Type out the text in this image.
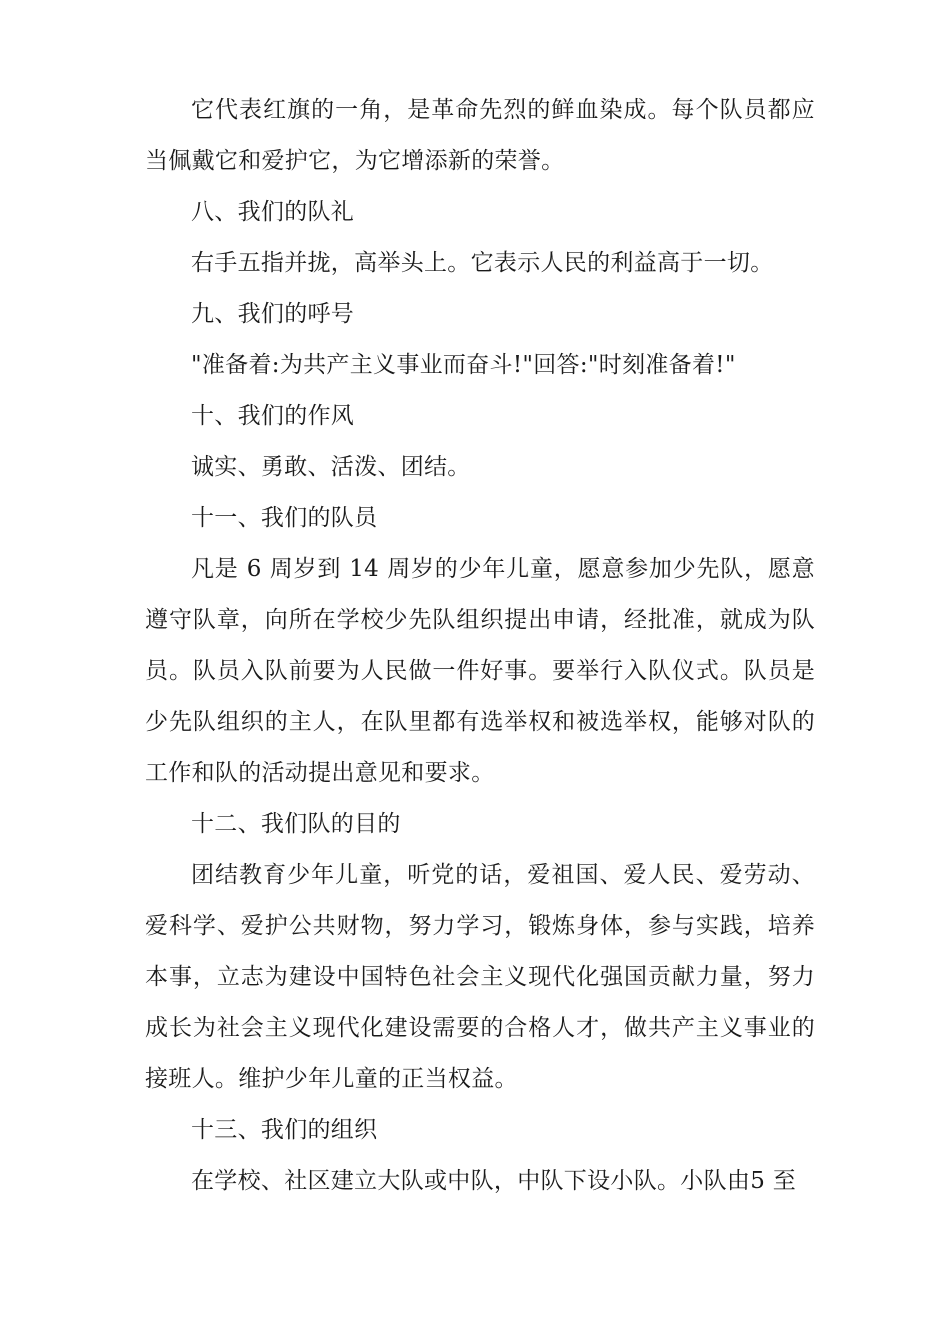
它代表红旗的一角，是革命先烈的鲜血染成。每个队员都应当佩戴它和爱护它，为它增添新的荣誉。

八、我们的队礼

右手五指并拢，高举头上。它表示人民的利益高于一切。

九、我们的呼号

"准备着:为共产主义事业而奋斗!"回答:"时刻准备着!"

十、我们的作风

诚实、勇敢、活泼、团结。

十一、我们的队员

凡是 6 周岁到 14 周岁的少年儿童，愿意参加少先队，愿意遵守队章，向所在学校少先队组织提出申请，经批准，就成为队员。队员入队前要为人民做一件好事。要举行入队仪式。队员是少先队组织的主人，在队里都有选举权和被选举权，能够对队的工作和队的活动提出意见和要求。

十二、我们队的目的

团结教育少年儿童，听党的话，爱祖国、爱人民、爱劳动、爱科学、爱护公共财物，努力学习，锻炼身体，参与实践，培养本事，立志为建设中国特色社会主义现代化强国贡献力量，努力成长为社会主义现代化建设需要的合格人才，做共产主义事业的接班人。维护少年儿童的正当权益。

十三、我们的组织

在学校、社区建立大队或中队，中队下设小队。小队由5 至
